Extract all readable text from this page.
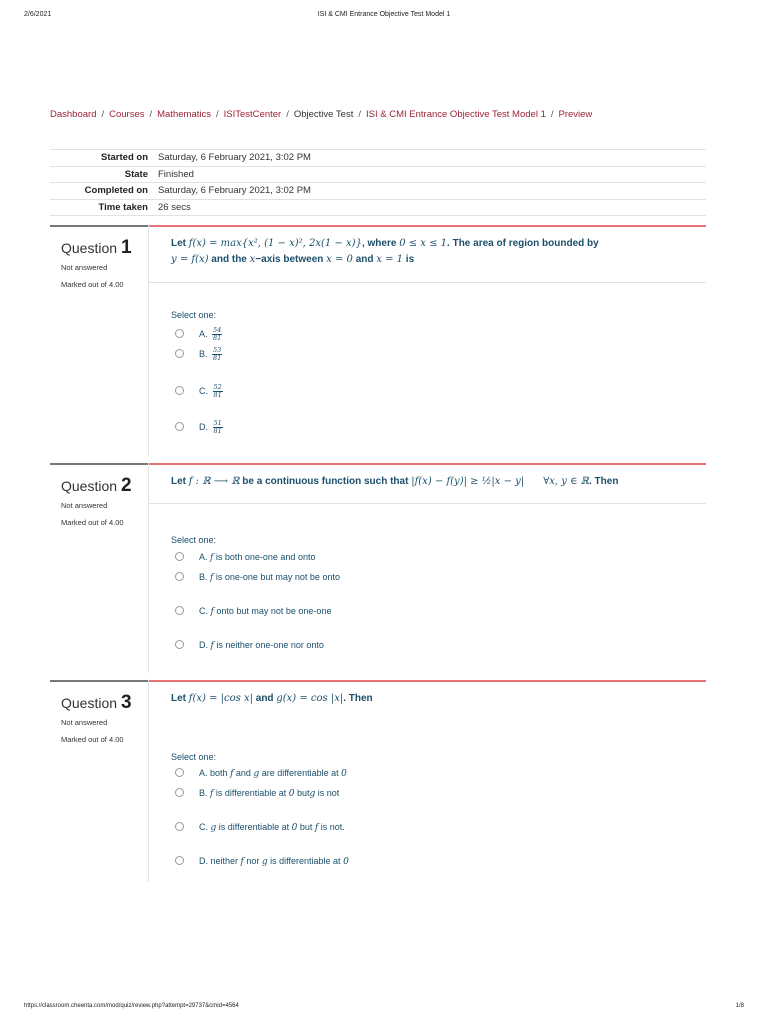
2/6/2021	ISI & CMI Entrance Objective Test Model 1
Dashboard / Courses / Mathematics / ISITestCenter / Objective Test / ISI & CMI Entrance Objective Test Model 1 / Preview
Started on	Saturday, 6 February 2021, 3:02 PM
State	Finished
Completed on	Saturday, 6 February 2021, 3:02 PM
Time taken	26 secs
Question 1
Not answered
Marked out of 4.00
Let f(x) = max{x², (1 − x)², 2x(1 − x)}, where 0 ≤ x ≤ 1. The area of region bounded by
y = f(x) and the x−axis between x = 0 and x = 1 is
Select one:
A. $\frac{54}{81}$
B. $\frac{53}{81}$
C. $\frac{52}{81}$
D. $\frac{51}{81}$
Question 2
Not answered
Marked out of 4.00
Let f : ℝ ⟶ ℝ be a continuous function such that |f(x) − f(y)| ≥ ½|x − y|      ∀x, y ∈ ℝ. Then
Select one:
A. f is both one-one and onto
B. f is one-one but may not be onto
C. f onto but may not be one-one
D. f is neither one-one nor onto
Question 3
Not answered
Marked out of 4.00
Let f(x) = |cos x| and g(x) = cos |x|. Then
Select one:
A. both f and g are differentiable at 0
B. f is differentiable at 0 butg is not
C. g is differentiable at 0 but f is not.
D. neither f nor g is differentiable at 0
https://classroom.cheenta.com/mod/quiz/review.php?attempt=29737&cmid=4564	1/8
